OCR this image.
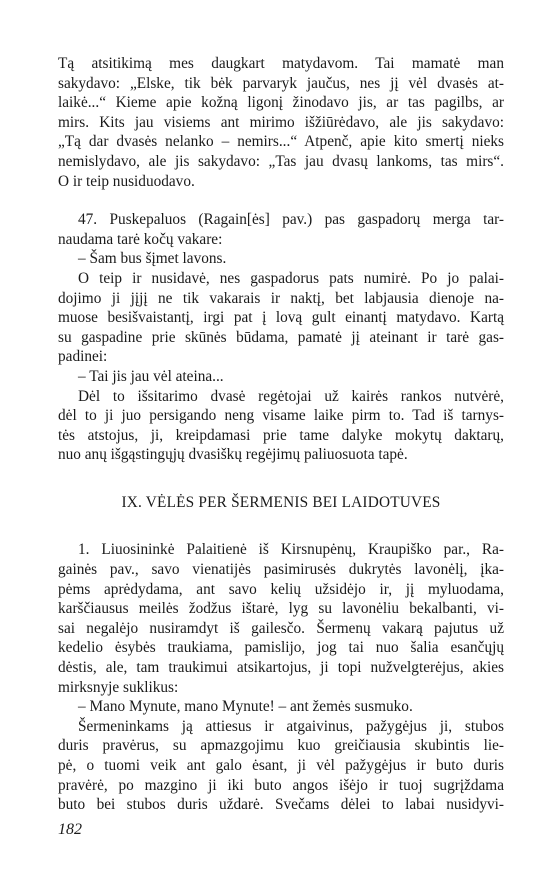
Tą atsitikimą mes daugkart matydavom. Tai mamatė man
sakydavo: „Elske, tik bėk parvaryk jaučus, nes jį vėl dvasės at-
laikė...“ Kieme apie kožną ligonį žinodavo jis, ar tas pagilbs, ar
mirs. Kits jau visiems ant mirimo išžiūrėdavo, ale jis sakydavo:
„Tą dar dvasės nelanko – nemirs...“ Atpenč, apie kito smertį nieks
nemislydavo, ale jis sakydavo: „Tas jau dvasų lankoms, tas mirs“.
O ir teip nusiduodavo.
47. Puskepaluos (Ragain[ės] pav.) pas gaspadorų merga tar-
naudama tarė kočų vakare:
– Šam bus šįmet lavons.
O teip ir nusidavė, nes gaspadorus pats numirė. Po jo palai-
dojimo ji jįjį ne tik vakarais ir naktį, bet labjausia dienoje na-
muose besišvaistantį, irgi pat į lovą gult einantį matydavo. Kartą
su gaspadine prie skūnės būdama, pamatė jį ateinant ir tarė gas-
padinei:
– Tai jis jau vėl ateina...
Dėl to išsitarimo dvasė regėtojai už kairės rankos nutvėrė,
dėl to ji juo persigando neng visame laike pirm to. Tad iš tarnys-
tės atstojus, ji, kreipdamasi prie tame dalyke mokytų daktarų,
nuo anų išgąstingųjų dvasiškų regėjimų paliuosuota tapė.
IX. VĖLĖS PER ŠERMENIS BEI LAIDOTUVES
1. Liuosininkė Palaitienė iš Kirsnupėnų, Kraupiško par., Ra-
gainės pav., savo vienatijės pasimirusės dukrytės lavonėlį, įka-
pėms aprėdydama, ant savo kelių užsidėjo ir, jį myluodama,
karščiausus meilės žodžus ištarė, lyg su lavonėliu bekalbanti, vi-
sai negalėjo nusiramdyt iš gailesčo. Šermenų vakarą pajutus už
kedelio ėsybės traukiama, pamislijo, jog tai nuo šalia esančųjų
dėstis, ale, tam traukimui atsikartojus, ji topi nužvelgterėjus, akies
mirksnyje suklikus:
– Mano Mynute, mano Mynute! – ant žemės susmuko.
Šermeninkams ją attiesus ir atgaivinus, pažygėjus ji, stubos
duris pravėrus, su apmazgojimu kuo greičiausia skubintis lie-
pė, o tuomi veik ant galo ėsant, ji vėl pažygėjus ir buto duris
pravėrė, po mazgino ji iki buto angos išėjo ir tuoj sugrįždama
buto bei stubos duris uždarė. Svečams dėlei to labai nusidyvi-
182
